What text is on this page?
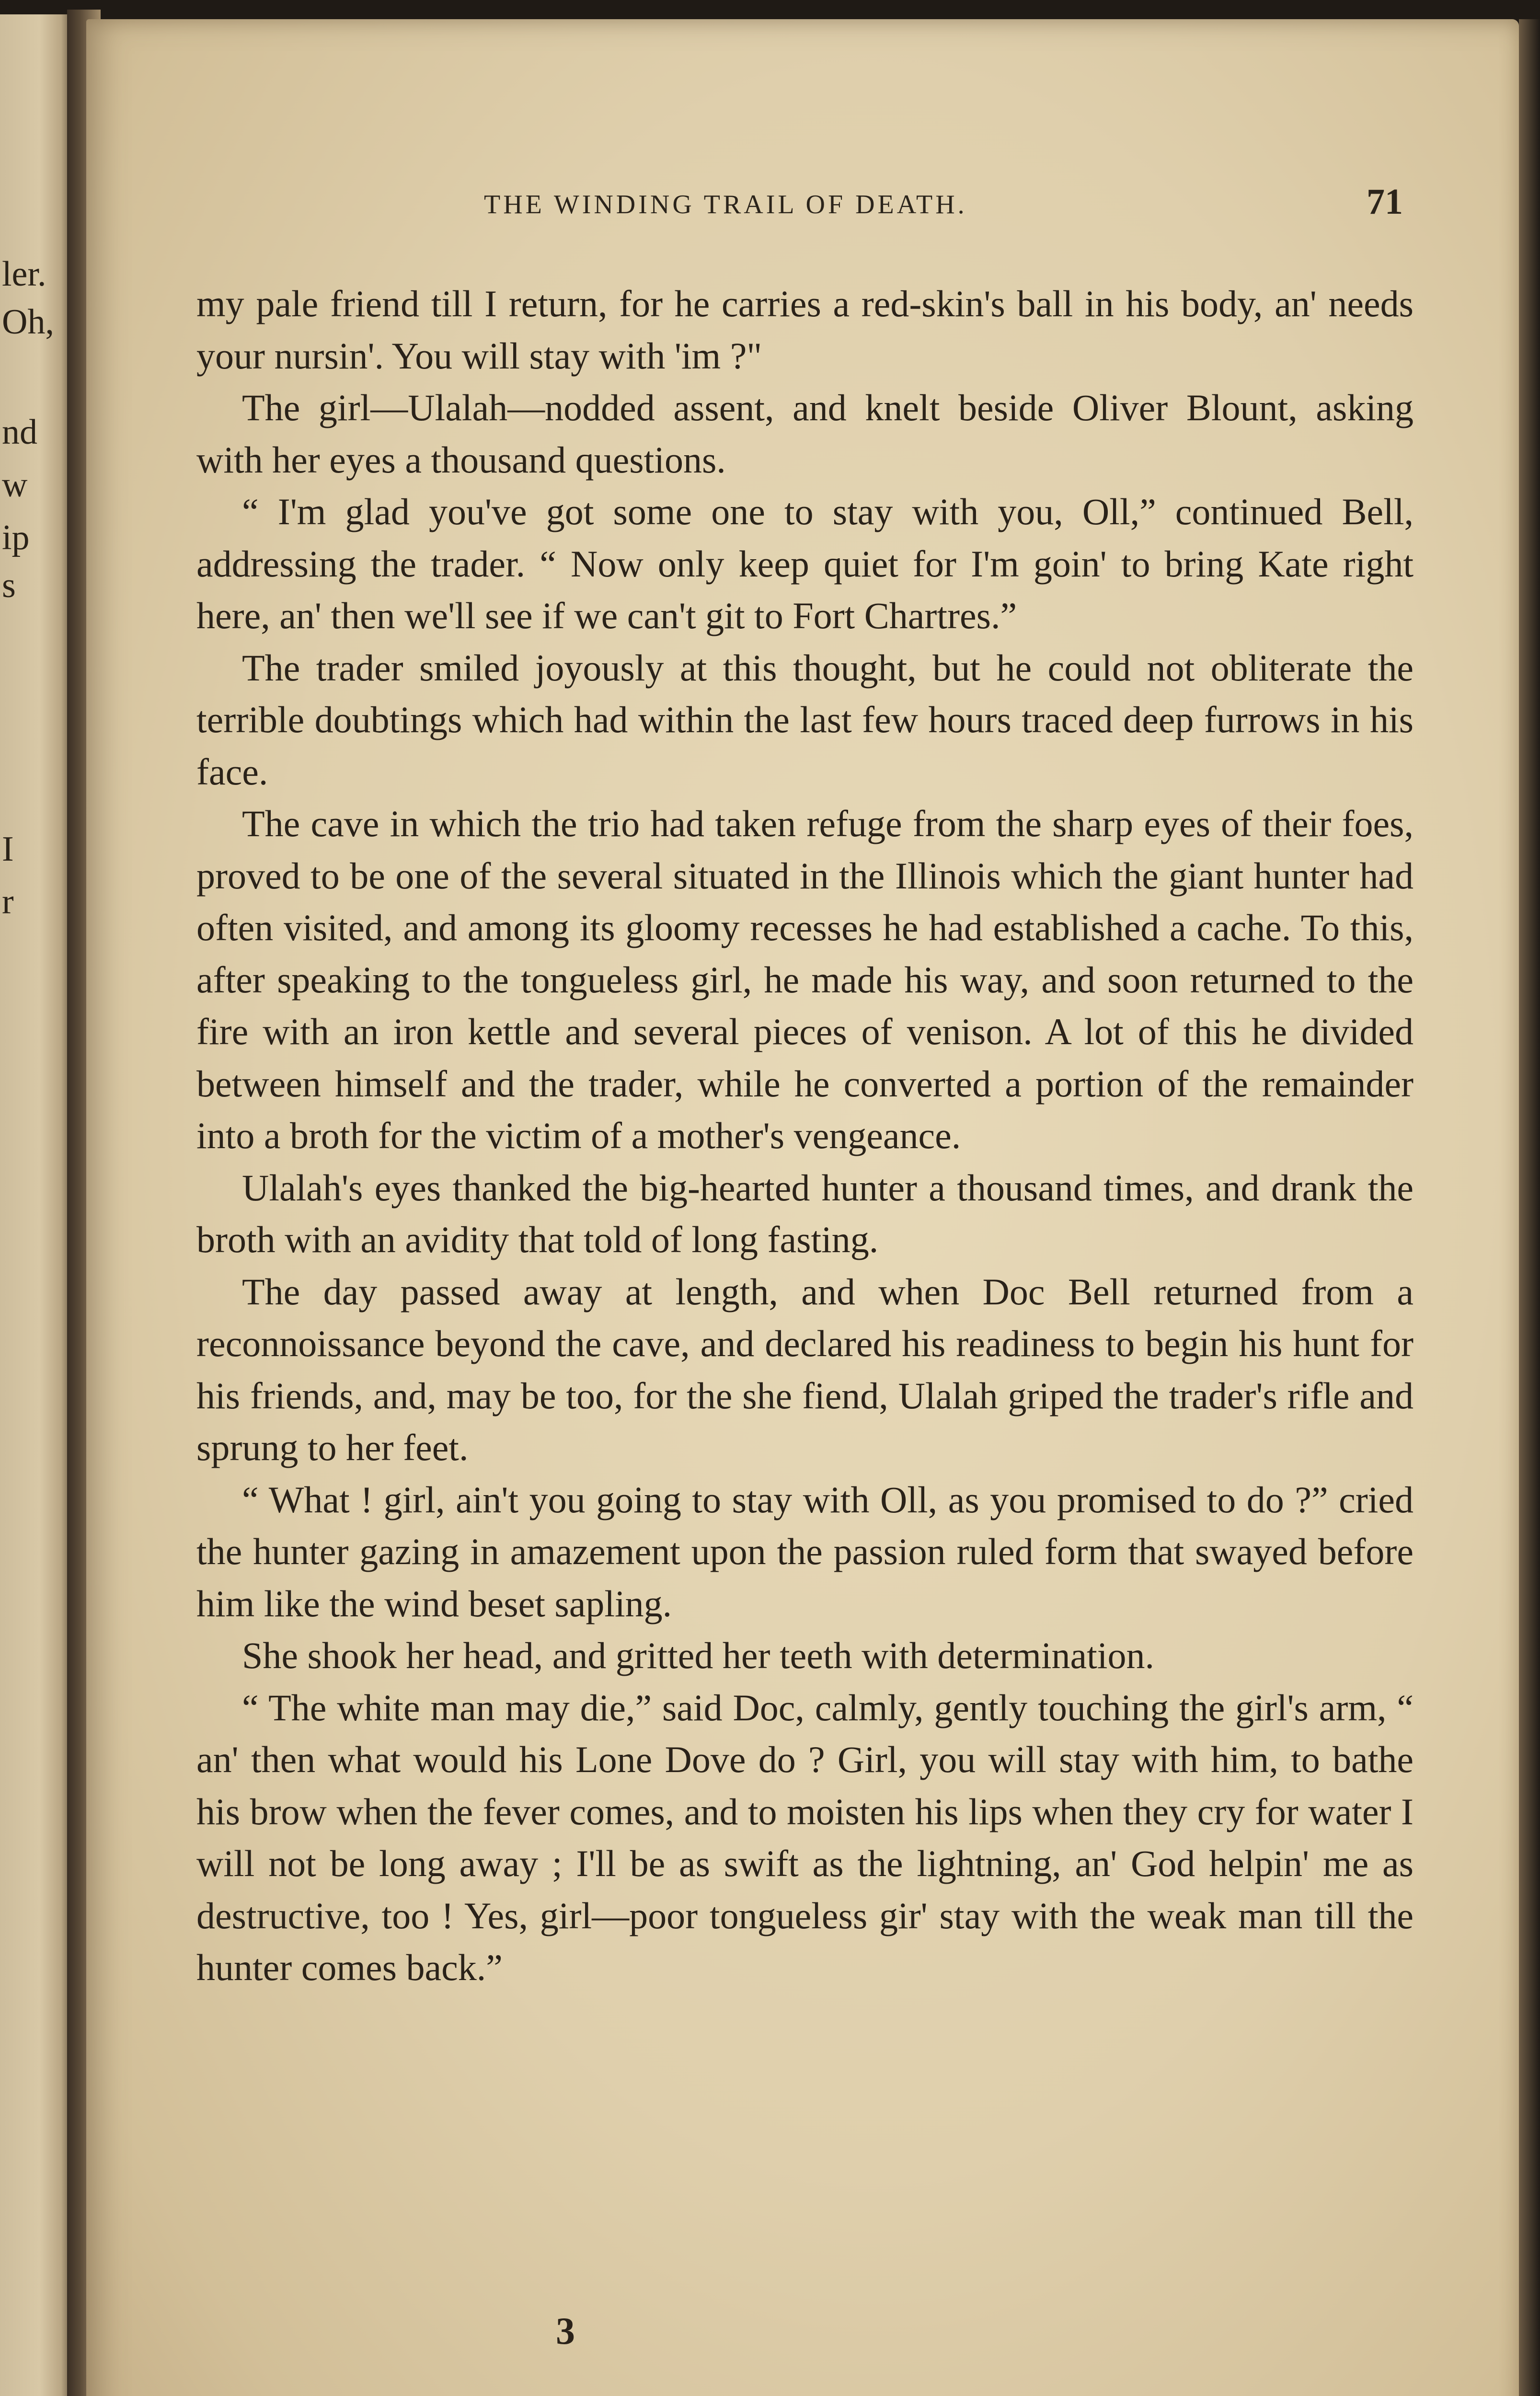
ler.
Oh,
nd
w
ip
s
I
r
THE WINDING TRAIL OF DEATH.	71

my pale friend till I return, for he carries a red-skin's ball in his body, an' needs your nursin'. You will stay with 'im ?"

The girl—Ulalah—nodded assent, and knelt beside Oliver Blount, asking with her eyes a thousand questions.

“ I'm glad you've got some one to stay with you, Oll,” continued Bell, addressing the trader. “ Now only keep quiet for I'm goin' to bring Kate right here, an' then we'll see if we can't git to Fort Chartres.”

The trader smiled joyously at this thought, but he could not obliterate the terrible doubtings which had within the last few hours traced deep furrows in his face.

The cave in which the trio had taken refuge from the sharp eyes of their foes, proved to be one of the several situated in the Illinois which the giant hunter had often visited, and among its gloomy recesses he had established a cache. To this, after speaking to the tongueless girl, he made his way, and soon returned to the fire with an iron kettle and several pieces of venison. A lot of this he divided between himself and the trader, while he converted a portion of the remainder into a broth for the victim of a mother's vengeance.

Ulalah's eyes thanked the big-hearted hunter a thousand times, and drank the broth with an avidity that told of long fasting.

The day passed away at length, and when Doc Bell returned from a reconnoissance beyond the cave, and declared his readiness to begin his hunt for his friends, and, may be too, for the she fiend, Ulalah griped the trader's rifle and sprung to her feet.

“ What ! girl, ain't you going to stay with Oll, as you promised to do ?” cried the hunter gazing in amazement upon the passion ruled form that swayed before him like the wind beset sapling.

She shook her head, and gritted her teeth with determination.

“ The white man may die,” said Doc, calmly, gently touching the girl's arm, “ an' then what would his Lone Dove do ? Girl, you will stay with him, to bathe his brow when the fever comes, and to moisten his lips when they cry for water I will not be long away ; I'll be as swift as the lightning, an' God helpin' me as destructive, too ! Yes, girl—poor tongueless gir' stay with the weak man till the hunter comes back.”

3
